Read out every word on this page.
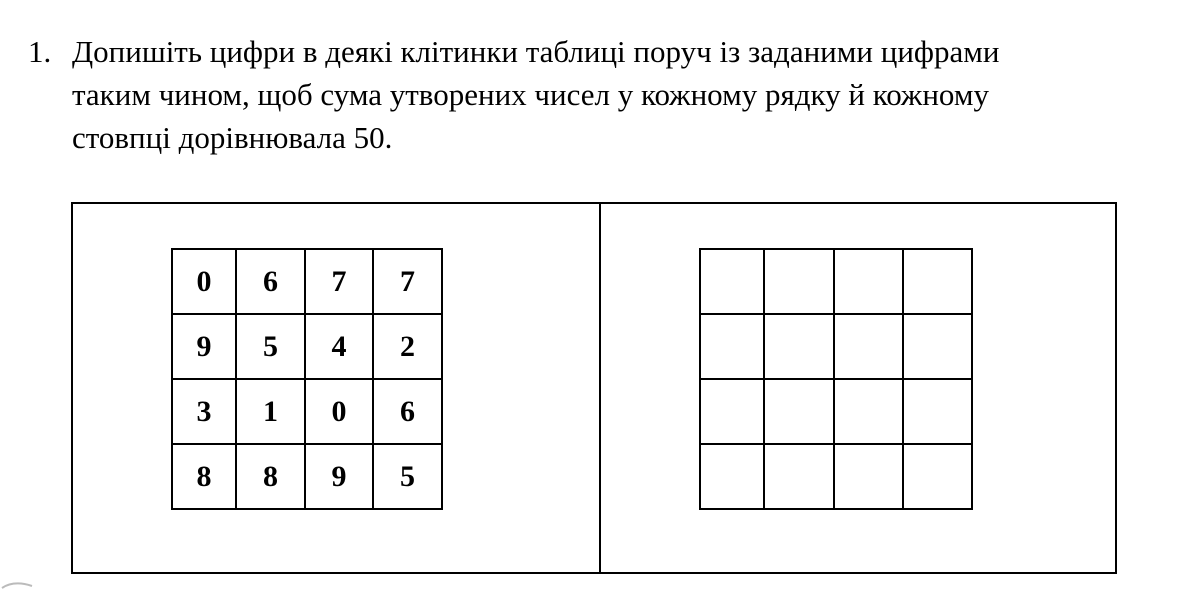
1. Допишіть цифри в деякі клітинки таблиці поруч із заданими цифрами
таким чином, щоб сума утворених чисел у кожному рядку й кожному
стовпці дорівнювала 50.
0	6	7	7
9	5	4	2
3	1	0	6
8	8	9	5
